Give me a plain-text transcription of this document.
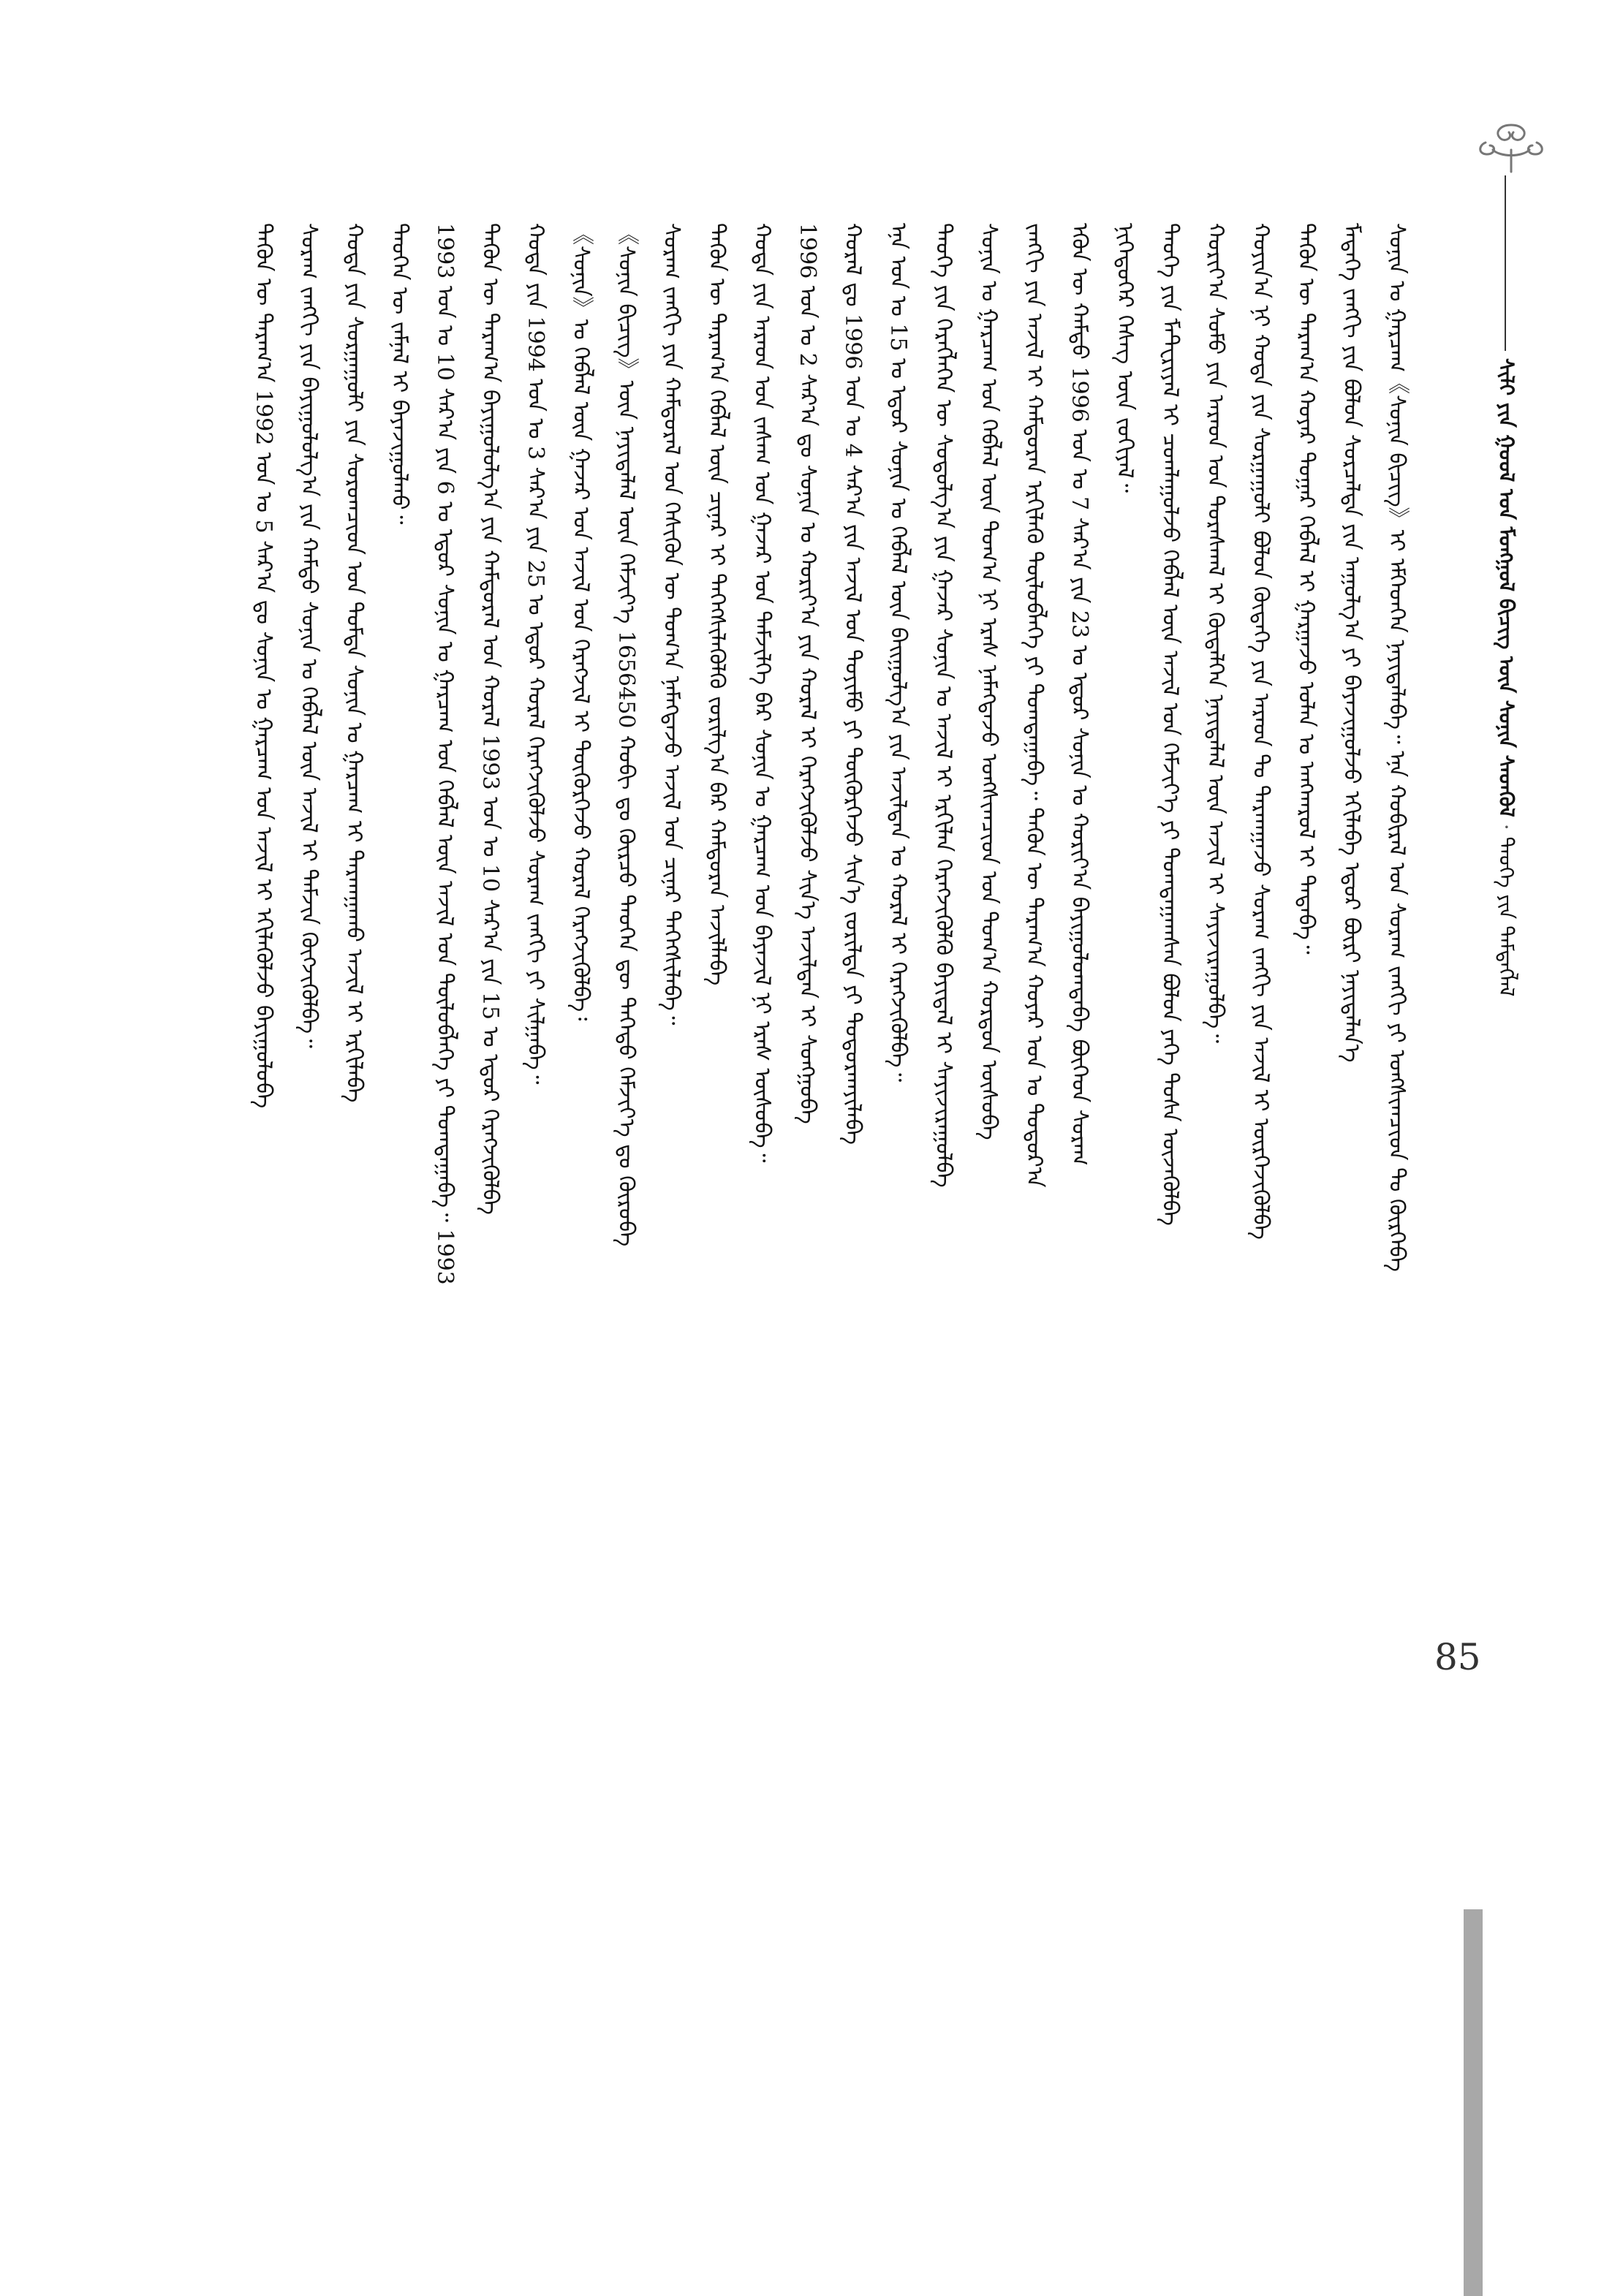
ᠰᠢᠯᠢ ᠶᠢᠨ ᠭᠣᠣᠯ ᠤᠨ ᠮᠣᠩᠭᠣᠯ ᠪᠢᠴᠢᠭ ᠦᠨ ᠰᠣᠨᠢᠨ ᠰᠡᠳᠬᠦᠯ · ᠲᠡᠦᠬᠡ ᠶᠢᠨ ᠲᠡᠮᠳᠡᠭᠯᠡᠯ
ᠰᠣᠨᠢᠨ ᠤ ᠭᠠᠷᠴᠠᠭ《ᠰᠣᠨᠢᠨ ᠪᠢᠴᠢᠭ》ᠢ ᠡᠮᠬᠡᠳᠬᠡᠨ ᠨᠡᠶᠢᠲᠡᠯᠡᠪᠡ᠃ ᠡᠨᠡ ᠬᠣᠪᠢᠷᠠᠯ ᠤᠨ ᠰᠤᠷᠠᠭ ᠵᠠᠩᠭᠢ ᠶᠢ ᠤᠩᠰᠢᠭᠴᠢᠳ ᠲᠤ ᠬᠦᠷᠭᠡᠪᠡ
ᠮᠡᠳᠡᠭᠡ ᠵᠠᠩᠭᠢ ᠶᠢᠨ ᠪᠣᠯᠤᠨ ᠰᠤᠷᠴᠠᠯᠲᠠ ᠶᠢᠨ ᠠᠭᠤᠯᠭ᠎ᠠ ᠶᠢ ᠪᠠᠶᠠᠵᠢᠭᠤᠯᠵᠤ ᠡᠬᠢᠯᠡᠪᠡ ᠡᠳᠦᠷ ᠪᠦᠷᠢ ᠨᠡᠶᠢᠲᠡᠯᠡᠨ᠎ᠡ
ᠲᠡᠭᠦᠨ ᠦ ᠳᠠᠷᠠᠭ᠎ᠠ ᠬᠣᠶᠠᠷ ᠳᠤᠭᠠᠷ ᠬᠡᠪᠯᠡᠯ ᠢ ᠭᠠᠷᠭᠠᠵᠤ ᠣᠯᠠᠨ ᠤ ᠠᠩᠬᠠᠷᠤᠯ ᠢ ᠲᠠᠲᠠᠪᠠ᠃
ᠬᠣᠶᠢᠨ᠎ᠠ ᠨᠢ ᠬᠣᠲᠠ ᠶᠢᠨ ᠰᠤᠷᠭᠠᠭᠤᠯᠢ ᠪᠣᠯᠤᠨ ᠬᠥᠳᠡᠭᠡ ᠶᠢᠨ ᠠᠷᠠᠳ ᠲᠤ ᠲᠠᠷᠬᠠᠭᠠᠵᠤ ᠰᠤᠷᠠᠭ ᠵᠠᠩᠭᠢ ᠶᠢᠨ ᠠᠵᠢᠯ ᠢ ᠥᠷᠭᠡᠵᠢᠭᠦᠯᠪᠡ
ᠬᠣᠷᠢᠶ᠎ᠠ ᠰᠣᠮᠤ ᠶᠢᠨ ᠠᠷᠠᠳ ᠤᠨ ᠳᠤᠷᠠᠰᠬᠠᠯ ᠢ ᠬᠦᠳᠡᠯᠭᠡᠨ ᠨᠡᠶᠢᠲᠡᠯᠡᠯ ᠦᠨ ᠠᠵᠢᠯ ᠢ ᠰᠠᠶᠢᠵᠢᠷᠠᠭᠤᠯᠪᠠ᠃
ᠲᠡᠦᠬᠡ ᠶᠢᠨ ᠮᠠᠲ᠋ᠧᠷᠢᠶᠠᠯ ᠢ ᠴᠤᠭᠯᠠᠭᠤᠯᠵᠤ ᠬᠡᠪᠯᠡᠯ ᠦᠨ ᠠᠵᠢᠯ ᠤᠨ ᠬᠡᠮᠵᠢᠶ᠎ᠡ ᠶᠢ ᠲᠣᠭᠲᠠᠭᠠᠭᠰᠠᠨ ᠪᠣᠯᠤᠨ ᠶᠡᠬᠡ ᠲᠤᠰᠠ ᠦᠵᠡᠭᠦᠯᠪᠡ
ᠨᠢᠭᠡᠳᠦᠭᠡᠷ ᠬᠡᠰᠡᠭ ᠦᠨ ᠵᠣᠬᠢᠶᠠᠯ᠃
ᠡᠭᠦᠨ ᠦ ᠬᠠᠮᠲᠤ 1996 ᠣᠨ ᠤ 7 ᠰᠠᠷ᠎ᠠ ᠶᠢᠨ 23 ᠤ ᠡᠳᠦᠷ ᠰᠣᠨᠢᠨ ᠤ ᠬᠣᠷᠢᠶ᠎ᠠ ᠪᠠᠶᠢᠭᠤᠯᠤᠭᠳᠠᠪᠠ ᠪᠥᠭᠡᠳ ᠰᠤᠷᠠᠭ
ᠵᠠᠩᠭᠢ ᠶᠢᠨ ᠠᠵᠢᠯ ᠢ ᠬᠠᠮᠲᠤᠷᠠᠨ ᠡᠷᠬᠢᠯᠡᠬᠦ ᠲᠥᠯᠥᠪᠯᠡᠭᠡ ᠶᠢ ᠲᠣᠭᠲᠠᠭᠠᠪᠠ᠃ ᠲᠡᠭᠦᠨ ᠦ ᠳᠠᠷᠠᠭ᠎ᠠ ᠬᠣᠶᠠᠷ ᠣᠨ ᠤ ᠳᠣᠲᠤᠷ᠎ᠠ
ᠰᠣᠨᠢᠨ ᠤ ᠭᠠᠷᠴᠠᠭ ᠤᠨ ᠬᠡᠪᠯᠡᠯ ᠦᠨ ᠲᠣᠭ᠎ᠠ ᠨᠢ ᠡᠷᠡᠰ ᠨᠡᠮᠡᠭᠳᠡᠵᠦ ᠤᠩᠰᠢᠭᠴᠢᠳ ᠤᠨ ᠲᠣᠭ᠎ᠠ ᠬᠤᠷᠳᠤᠨ ᠥᠰᠦᠪᠡ
ᠲᠡᠦᠬᠡ ᠶᠢᠨ ᠬᠡᠷᠡᠭᠯᠡᠭᠡᠨ ᠦ ᠰᠤᠳᠤᠯᠭ᠎ᠠ ᠶᠢᠨ ᠭᠠᠵᠠᠷ ᠰᠣᠨᠢᠨ ᠤ ᠠᠵᠢᠯ ᠢ ᠡᠷᠬᠢᠯᠡᠨ ᠬᠡᠷᠡᠭᠵᠢᠭᠦᠯᠬᠦ ᠪᠠᠶᠢᠳᠠᠯ ᠢ ᠰᠠᠶᠢᠵᠢᠷᠠᠭᠤᠯᠪᠠ
ᠡᠨᠡ ᠣᠨ ᠤ 15 ᠤ ᠡᠳᠦᠷ ᠰᠣᠨᠢᠨ ᠤ ᠬᠡᠪᠯᠡᠯ ᠦᠨ ᠪᠠᠢ᠌ᠭᠤᠯᠭ᠎ᠠ ᠶᠢᠨ ᠠᠵᠢᠯᠲᠠᠨ ᠤ ᠬᠤᠷᠠᠯ ᠢ ᠬᠡᠷᠡᠭᠵᠢᠭᠦᠯᠪᠡ᠃
ᠬᠤᠷᠠᠯ ᠳᠤ 1996 ᠣᠨ ᠤ 4 ᠰᠠᠷ᠎ᠠ ᠶᠢᠨ ᠠᠵᠢᠯ ᠤᠨ ᠲᠣᠶᠢᠮᠣ ᠶᠢ ᠳᠦᠭᠦᠷᠭᠡᠵᠦ ᠱᠢᠨ᠎ᠡ ᠵᠣᠷᠢᠯᠲᠠ ᠶᠢ ᠲᠣᠳᠣᠷᠬᠠᠶᠢᠯᠠᠪᠠ
1996 ᠣᠨ ᠤ 2 ᠰᠠᠷ᠎ᠠ ᠳᠤ ᠰᠣᠨᠢᠨ ᠤ ᠬᠣᠷᠢᠶ᠎ᠠ ᠶᠢᠨ ᠬᠤᠷᠠᠯ ᠢ ᠬᠡᠷᠡᠭᠵᠢᠭᠦᠯᠵᠦ ᠰᠢᠨ᠎ᠡ ᠠᠵᠢᠯᠲᠠᠨ ᠢ ᠰᠣᠩᠭᠣᠪᠠ
ᠬᠣᠲᠠ ᠶᠢᠨ ᠠᠷᠠᠳ ᠤᠨ ᠵᠠᠰᠠᠭ ᠤᠨ ᠭᠠᠵᠠᠷ ᠤᠨ ᠳᠡᠮᠵᠢᠯᠭᠡ ᠪᠡᠷ ᠰᠣᠨᠢᠨ ᠤ ᠭᠠᠷᠴᠠᠭ ᠤᠨ ᠪᠠᠶᠠᠵᠢᠯ ᠨᠢ ᠡᠷᠡᠰ ᠥᠰᠦᠪᠡ᠃
ᠲᠡᠭᠦᠨ ᠦ ᠳᠠᠷᠠᠭ᠎ᠠ ᠬᠡᠪᠯᠡᠯ ᠦᠨ ᠴᠢᠨᠠᠷ ᠢ ᠳᠡᠭᠡᠭᠰᠢᠯᠡᠭᠦᠯᠬᠦ ᠵᠣᠷᠢᠯᠭ᠎ᠠ ᠪᠠᠷ ᠬᠠᠮᠲᠤᠷᠠᠨ ᠠᠵᠢᠯᠯᠠᠪᠠ
ᠰᠤᠷᠠᠭ ᠵᠠᠩᠭᠢ ᠶᠢᠨ ᠬᠠᠮᠲᠤᠷᠠᠯ ᠤᠨ ᠭᠡᠰᠢᠭᠦᠨ ᠦ ᠲᠣᠭ᠎ᠠ ᠨᠡᠮᠡᠭᠳᠡᠵᠦ ᠠᠵᠢᠯ ᠤᠨ ᠴᠢᠨᠠᠷ ᠳᠡᠭᠡᠭᠰᠢᠯᠡᠪᠡ᠃
《ᠰᠣᠨᠢᠨ ᠪᠢᠴᠢᠭ》ᠦᠨ ᠨᠡᠶᠢᠲᠡᠯᠡᠯ ᠦᠨ ᠬᠡᠮᠵᠢᠶ᠎ᠡ 1656450 ᠬᠤᠪᠢ ᠳᠤ ᠬᠦᠷᠴᠦ ᠲᠡᠦᠬᠡᠨ ᠳᠦ ᠳᠡᠭᠡᠳᠦ ᠬᠡᠮᠵᠢᠶ᠎ᠡ ᠳᠤ ᠬᠦᠷᠦᠪᠡ
《ᠰᠣᠨᠢᠨ》ᠤ ᠬᠡᠪᠯᠡᠯ ᠦᠨ ᠭᠠᠵᠠᠷ ᠤᠨ ᠠᠵᠢᠯ ᠤᠨ ᠬᠡᠷᠡᠭᠵᠢᠯ ᠢ ᠳᠦᠭᠦᠷᠭᠡᠵᠦ ᠬᠤᠷᠠᠯ ᠬᠡᠷᠡᠭᠵᠢᠭᠦᠯᠪᠡ᠄
ᠬᠣᠲᠠ ᠶᠢᠨ 1994 ᠣᠨ ᠤ 3 ᠰᠠᠷ᠎ᠠ ᠶᠢᠨ 25 ᠤ ᠡᠳᠦᠷ ᠬᠤᠷᠠᠯ ᠬᠡᠷᠡᠭᠵᠢᠭᠦᠯᠵᠦ ᠰᠤᠷᠠᠭ ᠵᠠᠩᠭᠢ ᠶᠢ ᠰᠢᠯᠭᠠᠪᠠ᠃
ᠲᠡᠭᠦᠨ ᠦ ᠳᠠᠷᠠᠭ᠎ᠠ ᠪᠠᠶᠢᠭᠤᠯᠤᠯᠭ᠎ᠠ ᠶᠢᠨ ᠬᠠᠮᠲᠤᠷᠠᠯ ᠤᠨ ᠬᠤᠷᠠᠯ 1993 ᠣᠨ ᠤ 10 ᠰᠠᠷ᠎ᠠ ᠶᠢᠨ 15 ᠤ ᠡᠳᠦᠷ ᠬᠡᠷᠡᠭᠵᠢᠭᠦᠯᠪᠡ
1993 ᠣᠨ ᠤ 10 ᠰᠠᠷ᠎ᠠ ᠶᠢᠨ 6 ᠤ ᠡᠳᠦᠷ ᠰᠣᠨᠢᠨ ᠤ ᠭᠠᠷᠴᠠᠭ ᠤᠨ ᠬᠡᠪᠯᠡᠯ ᠦᠨ ᠠᠵᠢᠯ ᠤᠨ ᠲᠥᠯᠥᠪᠯᠡᠭᠡ ᠶᠢ ᠲᠣᠭᠲᠠᠭᠠᠪᠠ᠃ 1993
ᠲᠡᠦᠬᠡᠨ ᠦ ᠵᠠᠮᠨᠠᠯ ᠢ ᠪᠠᠶᠠᠵᠢᠭᠤᠯᠬᠤ᠃
ᠬᠣᠲᠠ ᠶᠢᠨ ᠰᠤᠷᠭᠠᠭᠤᠯᠢ ᠶᠢᠨ ᠰᠤᠷᠤᠭᠴᠢᠳ ᠤᠨ ᠳᠤᠮᠳᠠ ᠰᠣᠨᠢᠨ ᠤ ᠭᠠᠷᠴᠠᠭ ᠢ ᠲᠠᠷᠬᠠᠭᠠᠬᠤ ᠠᠵᠢᠯ ᠢ ᠡᠷᠬᠢᠯᠡᠪᠡ
ᠰᠤᠷᠠᠭ ᠵᠠᠩᠭᠢ ᠶᠢᠨ ᠪᠠᠶᠢᠭᠤᠯᠤᠯᠭ᠎ᠠ ᠶᠢᠨ ᠬᠠᠮᠲᠤ ᠰᠣᠨᠢᠨ ᠤ ᠬᠡᠪᠯᠡᠯ ᠦᠨ ᠠᠵᠢᠯ ᠢ ᠳᠡᠮᠵᠢᠨ ᠬᠥᠭᠵᠢᠭᠦᠯᠪᠡ᠃
ᠲᠡᠭᠦᠨ ᠦ ᠳᠠᠷᠠᠭ᠎ᠠ 1992 ᠣᠨ ᠤ 5 ᠰᠠᠷ᠎ᠠ ᠳᠤ ᠰᠣᠨᠢᠨ ᠤ ᠭᠠᠷᠴᠠᠭ ᠤᠨ ᠠᠵᠢᠯ ᠢ ᠡᠬᠢᠯᠡᠭᠦᠯᠵᠦ ᠪᠠᠶᠢᠭᠤᠯᠤᠪᠠ
85
